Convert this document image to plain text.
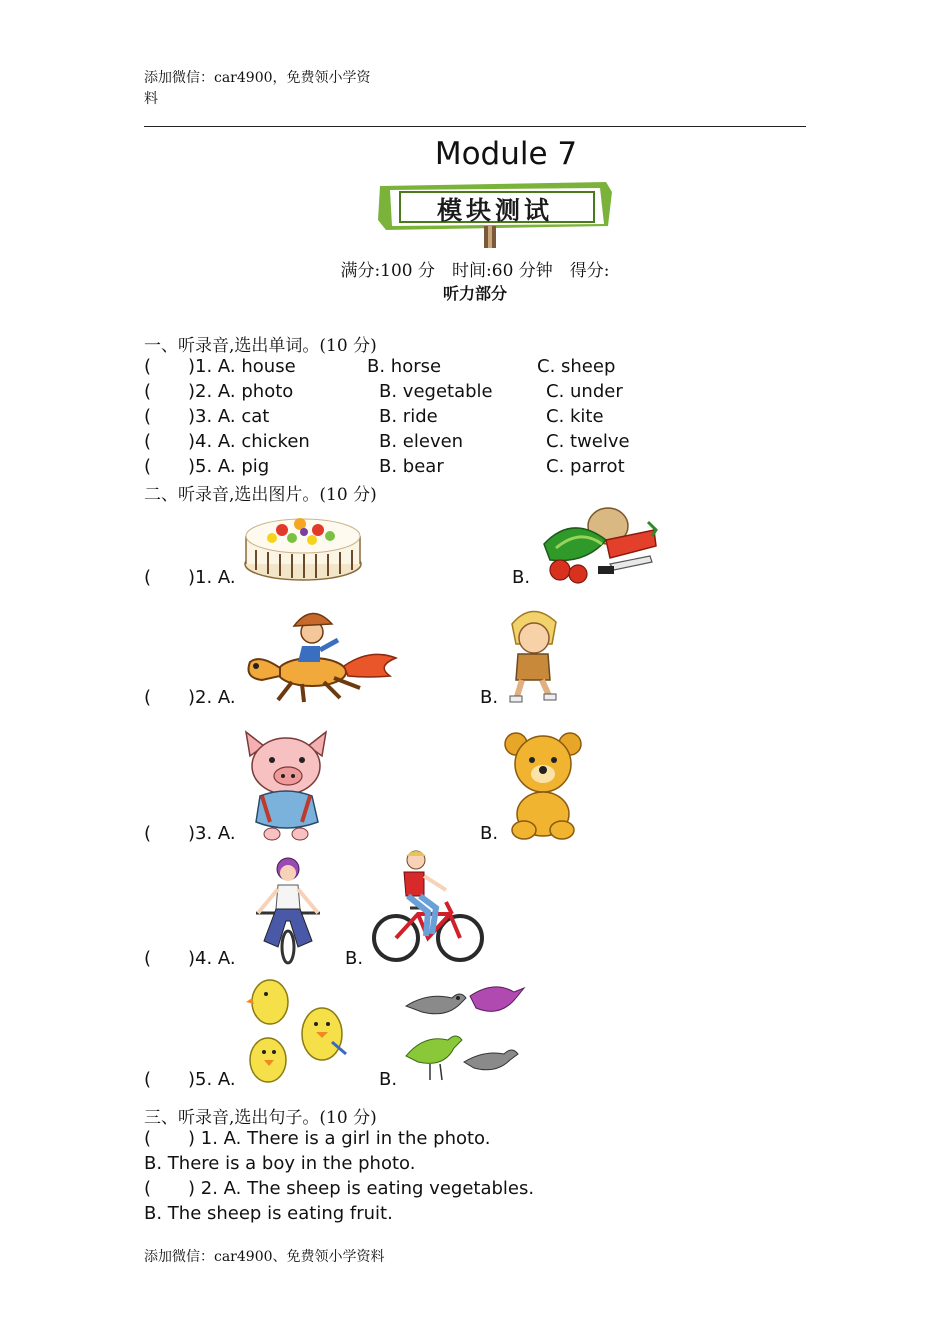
添加微信：car4900，免费领小学资料
Module 7
模块测试
满分:100 分　时间:60 分钟　得分:
听力部分
一、听录音,选出单词。(10 分)
( )1. A. house	B. horse	C. sheep
( )2. A. photo	B. vegetable	C. under
( )3. A. cat	B. ride	C. kite
( )4. A. chicken	B. eleven	C. twelve
( )5. A. pig	B. bear	C. parrot
二、听录音,选出图片。(10 分)
( )1. A.	B.
( )2. A.	B.
( )3. A.	B.
( )4. A.	B.
( )5. A.	B.
三、听录音,选出句子。(10 分)
( ) 1. A. There is a girl in the photo.
B. There is a boy in the photo.
( ) 2. A. The sheep is eating vegetables.
B. The sheep is eating fruit.
添加微信：car4900、免费领小学资料
